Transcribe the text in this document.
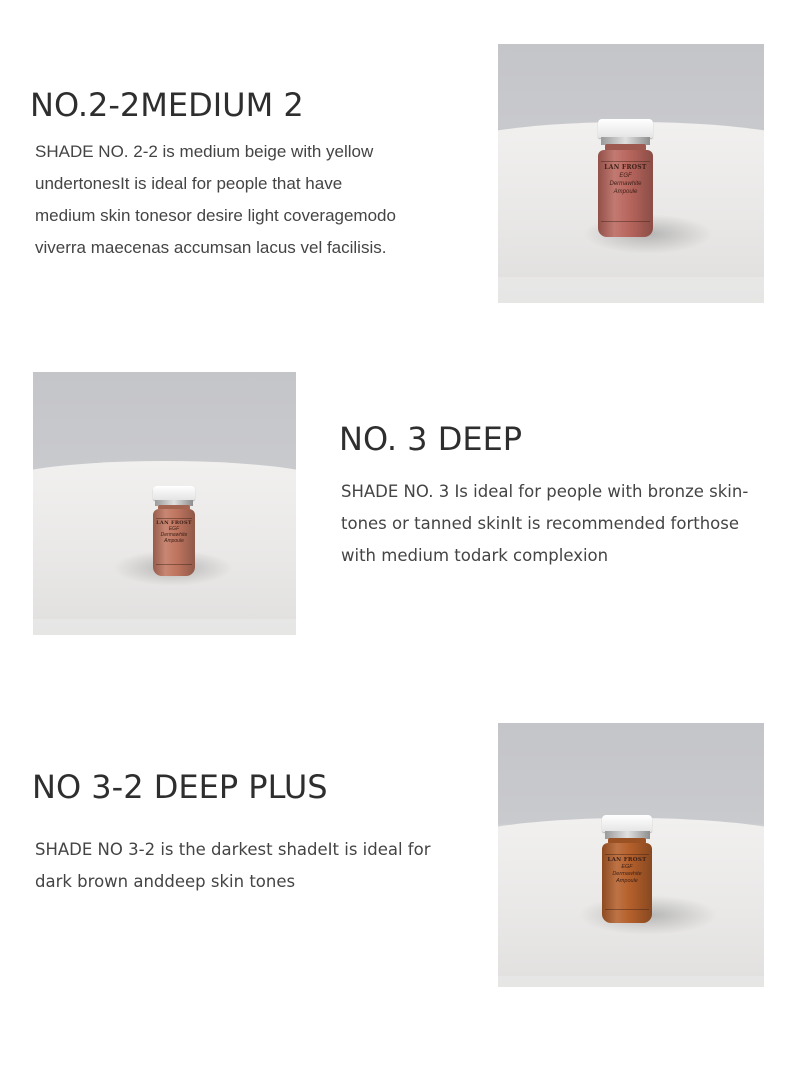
NO.2-2MEDIUM 2

SHADE NO. 2-2 is medium beige with yellow
undertonesIt is ideal for people that have
medium skin tonesor desire light coveragemodo
viverra maecenas accumsan lacus vel facilisis.

LAN FROST
EGF
Dermawhite
Ampoule
LAN FROST
EGF
Dermawhite
Ampoule
NO. 3 DEEP

SHADE NO. 3 Is ideal for people with bronze skin-
tones or tanned skinIt is recommended forthose
with medium todark complexion

NO 3-2 DEEP PLUS

SHADE NO 3-2 is the darkest shadeIt is ideal for
dark brown anddeep skin tones

LAN FROST
EGF
Dermawhite
Ampoule
